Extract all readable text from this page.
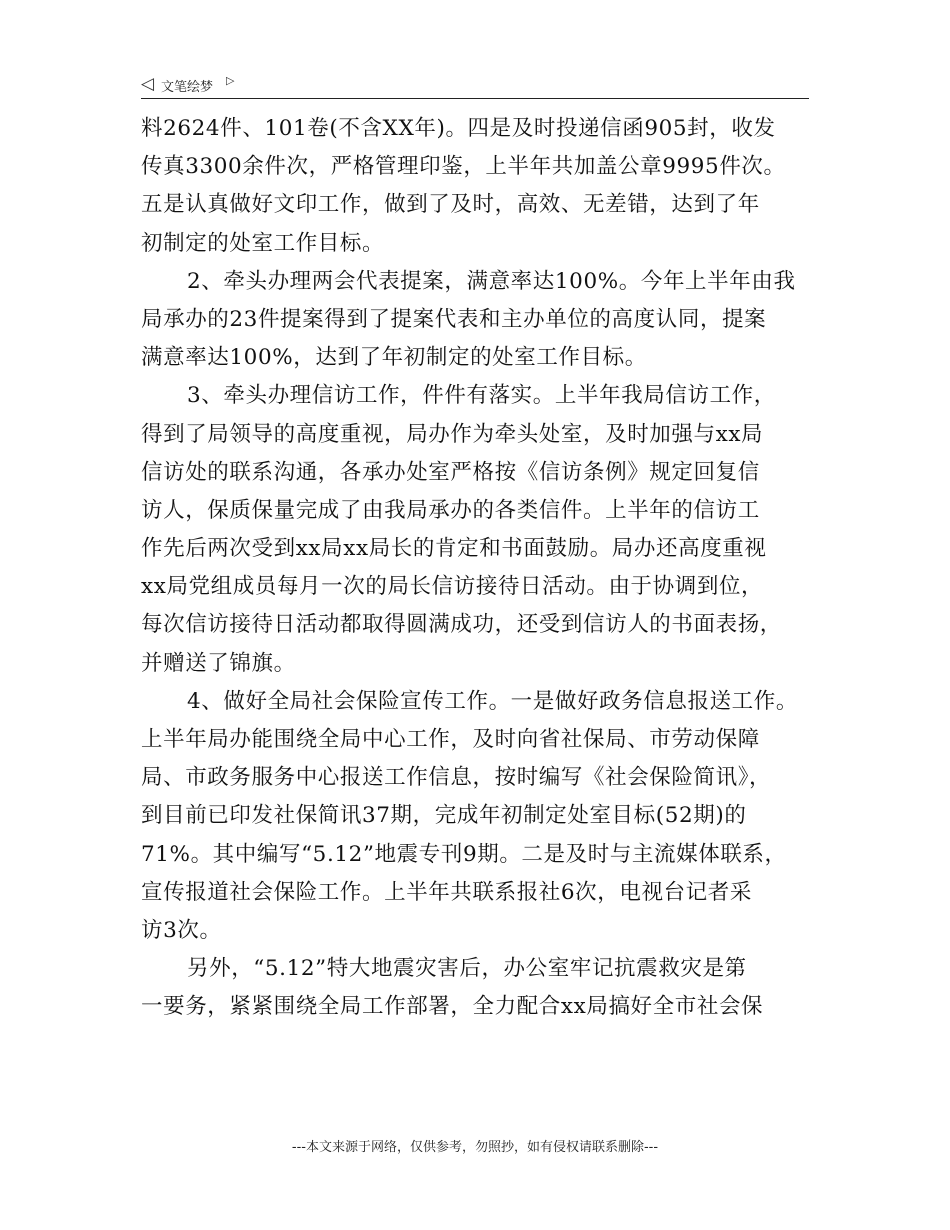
◁ 文笔绘梦 ▷
料2624件、101卷(不含XX年)。四是及时投递信函905封，收发
传真3300余件次，严格管理印鉴，上半年共加盖公章9995件次。
五是认真做好文印工作，做到了及时，高效、无差错，达到了年
初制定的处室工作目标。
2、牵头办理两会代表提案，满意率达100%。今年上半年由我
局承办的23件提案得到了提案代表和主办单位的高度认同，提案
满意率达100%，达到了年初制定的处室工作目标。
3、牵头办理信访工作，件件有落实。上半年我局信访工作，
得到了局领导的高度重视，局办作为牵头处室，及时加强与xx局
信访处的联系沟通，各承办处室严格按《信访条例》规定回复信
访人，保质保量完成了由我局承办的各类信件。上半年的信访工
作先后两次受到xx局xx局长的肯定和书面鼓励。局办还高度重视
xx局党组成员每月一次的局长信访接待日活动。由于协调到位，
每次信访接待日活动都取得圆满成功，还受到信访人的书面表扬，
并赠送了锦旗。
4、做好全局社会保险宣传工作。一是做好政务信息报送工作。
上半年局办能围绕全局中心工作，及时向省社保局、市劳动保障
局、市政务服务中心报送工作信息，按时编写《社会保险简讯》，
到目前已印发社保简讯37期，完成年初制定处室目标(52期)的
71%。其中编写“5.12”地震专刊9期。二是及时与主流媒体联系，
宣传报道社会保险工作。上半年共联系报社6次，电视台记者采
访3次。
另外，“5.12”特大地震灾害后，办公室牢记抗震救灾是第
一要务，紧紧围绕全局工作部署，全力配合xx局搞好全市社会保
---本文来源于网络，仅供参考，勿照抄，如有侵权请联系删除---
